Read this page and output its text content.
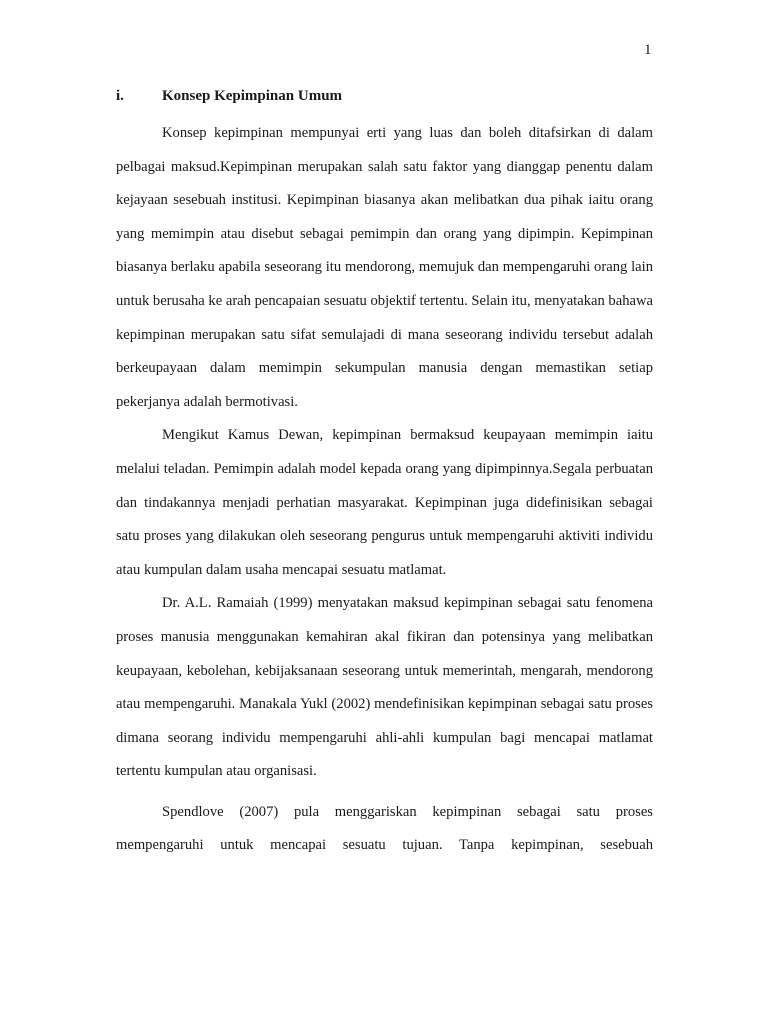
1
i.	Konsep Kepimpinan Umum

Konsep kepimpinan mempunyai erti yang luas dan boleh ditafsirkan di dalam pelbagai maksud.Kepimpinan merupakan salah satu faktor yang dianggap penentu dalam kejayaan sesebuah institusi. Kepimpinan biasanya akan melibatkan dua pihak iaitu orang yang memimpin atau disebut sebagai pemimpin dan orang yang dipimpin. Kepimpinan biasanya berlaku apabila seseorang itu mendorong, memujuk dan mempengaruhi orang lain untuk berusaha ke arah pencapaian sesuatu objektif tertentu. Selain itu, menyatakan bahawa kepimpinan merupakan satu sifat semulajadi di mana seseorang individu tersebut adalah berkeupayaan dalam memimpin sekumpulan manusia dengan memastikan setiap pekerjanya adalah bermotivasi.

Mengikut Kamus Dewan, kepimpinan bermaksud keupayaan memimpin iaitu melalui teladan. Pemimpin adalah model kepada orang yang dipimpinnya.Segala perbuatan dan tindakannya menjadi perhatian masyarakat. Kepimpinan juga didefinisikan sebagai satu proses yang dilakukan oleh seseorang pengurus untuk mempengaruhi aktiviti individu atau kumpulan dalam usaha mencapai sesuatu matlamat.

Dr. A.L. Ramaiah (1999) menyatakan maksud kepimpinan sebagai satu fenomena proses manusia menggunakan kemahiran akal fikiran dan potensinya yang melibatkan keupayaan, kebolehan, kebijaksanaan seseorang untuk memerintah, mengarah, mendorong atau mempengaruhi. Manakala Yukl (2002) mendefinisikan kepimpinan sebagai satu proses dimana seorang individu mempengaruhi ahli-ahli kumpulan bagi mencapai matlamat tertentu kumpulan atau organisasi.

Spendlove (2007) pula menggariskan kepimpinan sebagai satu proses mempengaruhi untuk mencapai sesuatu tujuan. Tanpa kepimpinan, sesebuah
